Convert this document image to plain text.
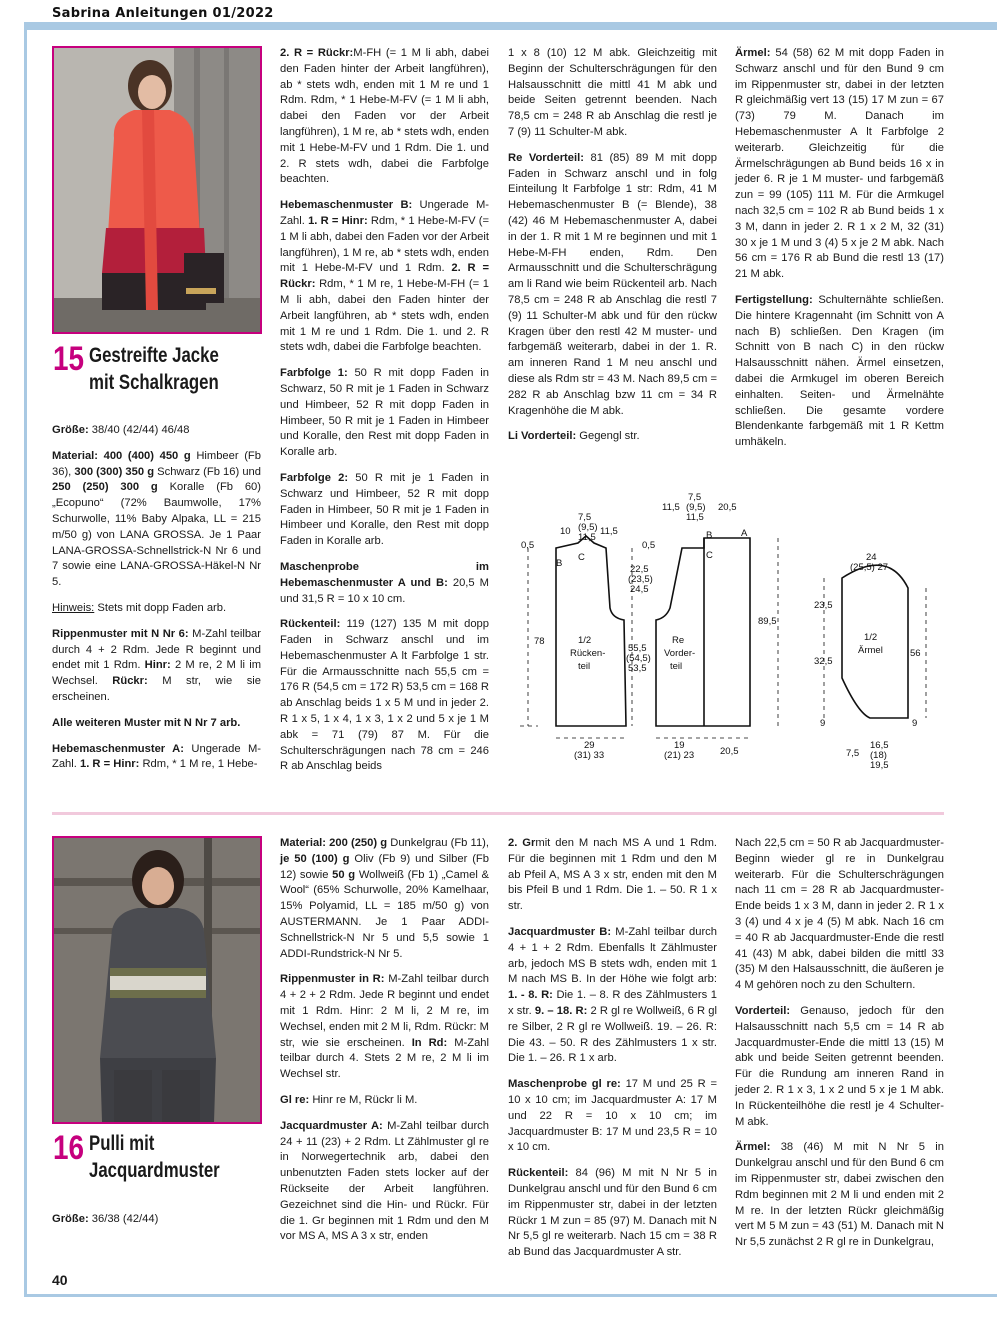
Sabrina Anleitungen 01/2022
15 Gestreifte Jacke
mit Schalkragen

Größe: 38/40 (42/44) 46/48

Material: 400 (400) 450 g Himbeer (Fb 36), 300 (300) 350 g Schwarz (Fb 16) und 250 (250) 300 g Koralle (Fb 60) „Ecopuno“ (72% Baumwolle, 17% Schurwolle, 11% Baby Alpaka, LL = 215 m/50 g) von LANA GROSSA. Je 1 Paar LANA-GROSSA-Schnellstrick-N Nr 6 und 7 sowie eine LANA-GROSSA-Häkel-N Nr 5.

Hinweis: Stets mit dopp Faden arb.

Rippenmuster mit N Nr 6: M-Zahl teilbar durch 4 + 2 Rdm. Jede R beginnt und endet mit 1 Rdm. Hinr: 2 M re, 2 M li im Wechsel. Rückr: M str, wie sie erscheinen.

Alle weiteren Muster mit N Nr 7 arb.

Hebemaschenmuster A: Ungerade M-Zahl. 1. R = Hinr: Rdm, * 1 M re, 1 Hebe-

2. R = Rückr:M-FH (= 1 M li abh, dabei den Faden hinter der Arbeit langführen), ab * stets wdh, enden mit 1 M re und 1 Rdm. Rdm, * 1 Hebe-M-FV (= 1 M li abh, dabei den Faden vor der Arbeit langführen), 1 M re, ab * stets wdh, enden mit 1 Hebe-M-FV und 1 Rdm. Die 1. und 2. R stets wdh, dabei die Farbfolge beachten.

Hebemaschenmuster B: Ungerade M-Zahl. 1. R = Hinr: Rdm, * 1 Hebe-M-FV (= 1 M li abh, dabei den Faden vor der Arbeit langführen), 1 M re, ab * stets wdh, enden mit 1 Hebe-M-FV und 1 Rdm. 2. R = Rückr: Rdm, * 1 M re, 1 Hebe-M-FH (= 1 M li abh, dabei den Faden hinter der Arbeit langführen, ab * stets wdh, enden mit 1 M re und 1 Rdm. Die 1. und 2. R stets wdh, dabei die Farbfolge beachten.

Farbfolge 1: 50 R mit dopp Faden in Schwarz, 50 R mit je 1 Faden in Schwarz und Himbeer, 52 R mit dopp Faden in Himbeer, 50 R mit je 1 Faden in Himbeer und Koralle, den Rest mit dopp Faden in Koralle arb.

Farbfolge 2: 50 R mit je 1 Faden in Schwarz und Himbeer, 52 R mit dopp Faden in Himbeer, 50 R mit je 1 Faden in Himbeer und Koralle, den Rest mit dopp Faden in Koralle arb.

Maschenprobe im Hebemaschenmuster A und B: 20,5 M und 31,5 R = 10 x 10 cm.

Rückenteil: 119 (127) 135 M mit dopp Faden in Schwarz anschl und im Hebemaschenmuster A lt Farbfolge 1 str. Für die Armausschnitte nach 55,5 cm = 176 R (54,5 cm = 172 R) 53,5 cm = 168 R ab Anschlag beids 1 x 5 M und in jeder 2. R 1 x 5, 1 x 4, 1 x 3, 1 x 2 und 5 x je 1 M abk = 71 (79) 87 M. Für die Schulterschrägungen nach 78 cm = 246 R ab Anschlag beids

1 x 8 (10) 12 M abk. Gleichzeitig mit Beginn der Schulterschrägungen für den Halsausschnitt die mittl 41 M abk und beide Seiten getrennt beenden. Nach 78,5 cm = 248 R ab Anschlag die restl je 7 (9) 11 Schulter-M abk.

Re Vorderteil: 81 (85) 89 M mit dopp Faden in Schwarz anschl und in folg Einteilung lt Farbfolge 1 str: Rdm, 41 M Hebemaschenmuster B (= Blende), 38 (42) 46 M Hebemaschenmuster A, dabei in der 1. R mit 1 M re beginnen und mit 1 Hebe-M-FH enden, Rdm. Den Armausschnitt und die Schulterschrägung am li Rand wie beim Rückenteil arb. Nach 78,5 cm = 248 R ab Anschlag die restl 7 (9) 11 Schulter-M abk und für den rückw Kragen über den restl 42 M muster- und farbgemäß weiterarb, dabei in der 1. R. am inneren Rand 1 M neu anschl und diese als Rdm str = 43 M. Nach 89,5 cm = 282 R ab Anschlag bzw 11 cm = 34 R Kragenhöhe die M abk.

Li Vorderteil: Gegengl str.

Ärmel: 54 (58) 62 M mit dopp Faden in Schwarz anschl und für den Bund 9 cm im Rippenmuster str, dabei in der letzten R gleichmäßig vert 13 (15) 17 M zun = 67 (73) 79 M. Danach im Hebemaschenmuster A lt Farbfolge 2 weiterarb. Gleichzeitig für die Ärmelschrägungen ab Bund beids 16 x in jeder 6. R je 1 M muster- und farbgemäß zun = 99 (105) 111 M. Für die Armkugel nach 32,5 cm = 102 R ab Bund beids 1 x 3 M, dann in jeder 2. R 1 x 2 M, 32 (31) 30 x je 1 M und 3 (4) 5 x je 2 M abk. Nach 56 cm = 176 R ab Bund die restl 13 (17) 21 M abk.

Fertigstellung: Schulternähte schließen. Die hintere Kragennaht (im Schnitt von A nach B) schließen. Den Kragen (im Schnitt von B nach C) in den rückw Halsausschnitt nähen. Ärmel einsetzen, dabei die Armkugel im oberen Bereich einhalten. Seiten- und Ärmelnähte schließen. Die gesamte vordere Blendenkante farbgemäß mit 1 R Kettm umhäkeln.

1/2
Rücken-
teil
Re
Vorder-
teil
1/2
Ärmel
0,5
7,5
(9,5)
11,5
10	11,5
0,5
B
C
78
22,5
(23,5)
24,5
55,5
(54,5)
53,5
29
(31) 33
11,5 (9,5)
7,5
11,5
20,5
B	A
C
89,5
19
(21) 23	20,5
24
(25,5) 27
23,5
32,5
56
9	9
7,5
16,5
(18)
19,5
16 Pulli mit
Jacquardmuster

Größe: 36/38 (42/44)

Material: 200 (250) g Dunkelgrau (Fb 11), je 50 (100) g Oliv (Fb 9) und Silber (Fb 12) sowie 50 g Wollweiß (Fb 1) „Camel & Wool“ (65% Schurwolle, 20% Kamelhaar, 15% Polyamid, LL = 185 m/50 g) von AUSTERMANN. Je 1 Paar ADDI-Schnellstrick-N Nr 5 und 5,5 sowie 1 ADDI-Rundstrick-N Nr 5.

Rippenmuster in R: M-Zahl teilbar durch 4 + 2 + 2 Rdm. Jede R beginnt und endet mit 1 Rdm. Hinr: 2 M li, 2 M re, im Wechsel, enden mit 2 M li, Rdm. Rückr: M str, wie sie erscheinen. In Rd: M-Zahl teilbar durch 4. Stets 2 M re, 2 M li im Wechsel str.

Gl re: Hinr re M, Rückr li M.

Jacquardmuster A: M-Zahl teilbar durch 24 + 11 (23) + 2 Rdm. Lt Zählmuster gl re in Norwegertechnik arb, dabei den unbenutzten Faden stets locker auf der Rückseite der Arbeit langführen. Gezeichnet sind die Hin- und Rückr. Für die 1. Gr beginnen mit 1 Rdm und den M vor MS A, MS A 3 x str, enden

2. Grmit den M nach MS A und 1 Rdm. Für die beginnen mit 1 Rdm und den M ab Pfeil A, MS A 3 x str, enden mit den M bis Pfeil B und 1 Rdm. Die 1. – 50. R 1 x str.

Jacquardmuster B: M-Zahl teilbar durch 4 + 1 + 2 Rdm. Ebenfalls lt Zählmuster arb, jedoch MS B stets wdh, enden mit 1 M nach MS B. In der Höhe wie folgt arb: 1. - 8. R: Die 1. – 8. R des Zählmusters 1 x str. 9. – 18. R: 2 R gl re Wollweiß, 6 R gl re Silber, 2 R gl re Wollweiß. 19. – 26. R: Die 43. – 50. R des Zählmusters 1 x str. Die 1. – 26. R 1 x arb.

Maschenprobe gl re: 17 M und 25 R = 10 x 10 cm; im Jacquardmuster A: 17 M und 22 R = 10 x 10 cm; im Jacquardmuster B: 17 M und 23,5 R = 10 x 10 cm.

Rückenteil: 84 (96) M mit N Nr 5 in Dunkelgrau anschl und für den Bund 6 cm im Rippenmuster str, dabei in der letzten Rückr 1 M zun = 85 (97) M. Danach mit N Nr 5,5 gl re weiterarb. Nach 15 cm = 38 R ab Bund das Jacquardmuster A str.

Nach 22,5 cm = 50 R ab Jacquardmuster-Beginn wieder gl re in Dunkelgrau weiterarb. Für die Schulterschrägungen nach 11 cm = 28 R ab Jacquardmuster-Ende beids 1 x 3 M, dann in jeder 2. R 1 x 3 (4) und 4 x je 4 (5) M abk. Nach 16 cm = 40 R ab Jacquardmuster-Ende die restl 41 (43) M abk, dabei bilden die mittl 33 (35) M den Halsausschnitt, die äußeren je 4 M gehören noch zu den Schultern.

Vorderteil: Genauso, jedoch für den Halsausschnitt nach 5,5 cm = 14 R ab Jacquardmuster-Ende die mittl 13 (15) M abk und beide Seiten getrennt beenden. Für die Rundung am inneren Rand in jeder 2. R 1 x 3, 1 x 2 und 5 x je 1 M abk. In Rückenteilhöhe die restl je 4 Schulter-M abk.

Ärmel: 38 (46) M mit N Nr 5 in Dunkelgrau anschl und für den Bund 6 cm im Rippenmuster str, dabei zwischen den Rdm beginnen mit 2 M li und enden mit 2 M re. In der letzten Rückr gleichmäßig vert M 5 M zun = 43 (51) M. Danach mit N Nr 5,5 zunächst 2 R gl re in Dunkelgrau,

40
